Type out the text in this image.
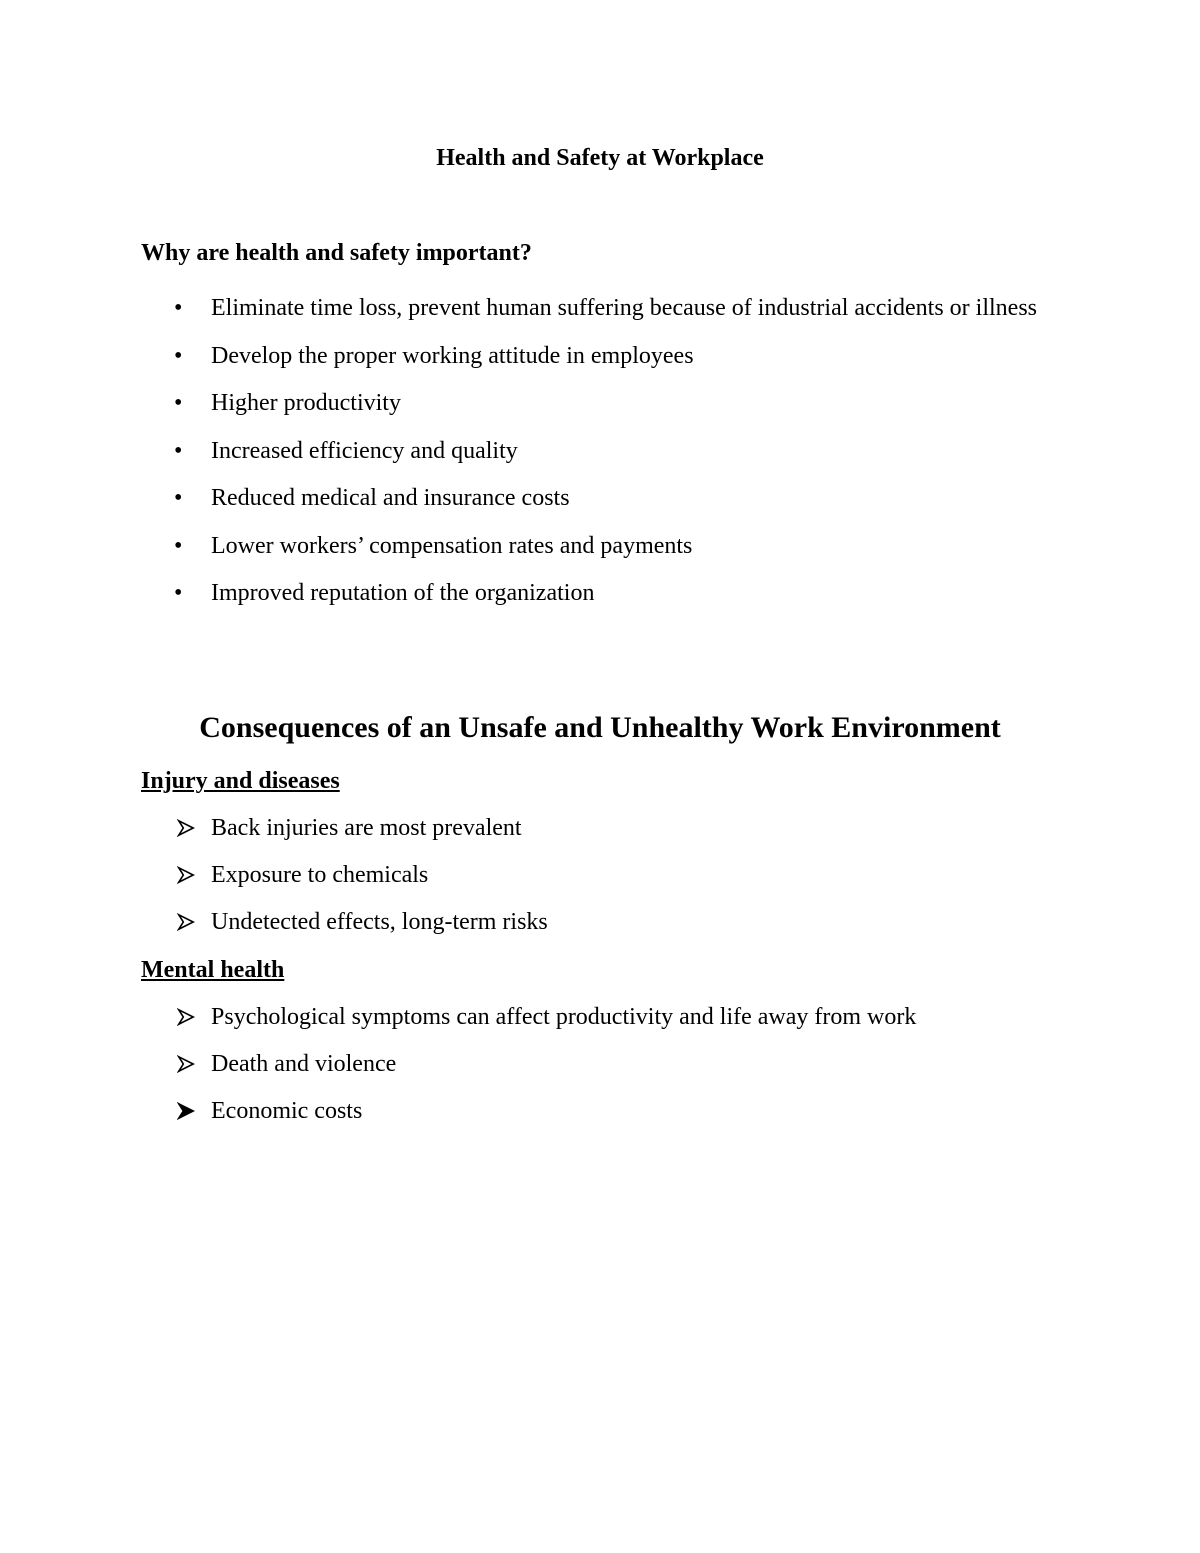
Health and Safety at Workplace
Why are health and safety important?
• Eliminate time loss, prevent human suffering because of industrial accidents or illness
• Develop the proper working attitude in employees
• Higher productivity
• Increased efficiency and quality
• Reduced medical and insurance costs
• Lower workers’ compensation rates and payments
• Improved reputation of the organization
Consequences of an Unsafe and Unhealthy Work Environment
Injury and diseases
Back injuries are most prevalent
Exposure to chemicals
Undetected effects, long-term risks
Mental health
Psychological symptoms can affect productivity and life away from work
Death and violence
Economic costs
